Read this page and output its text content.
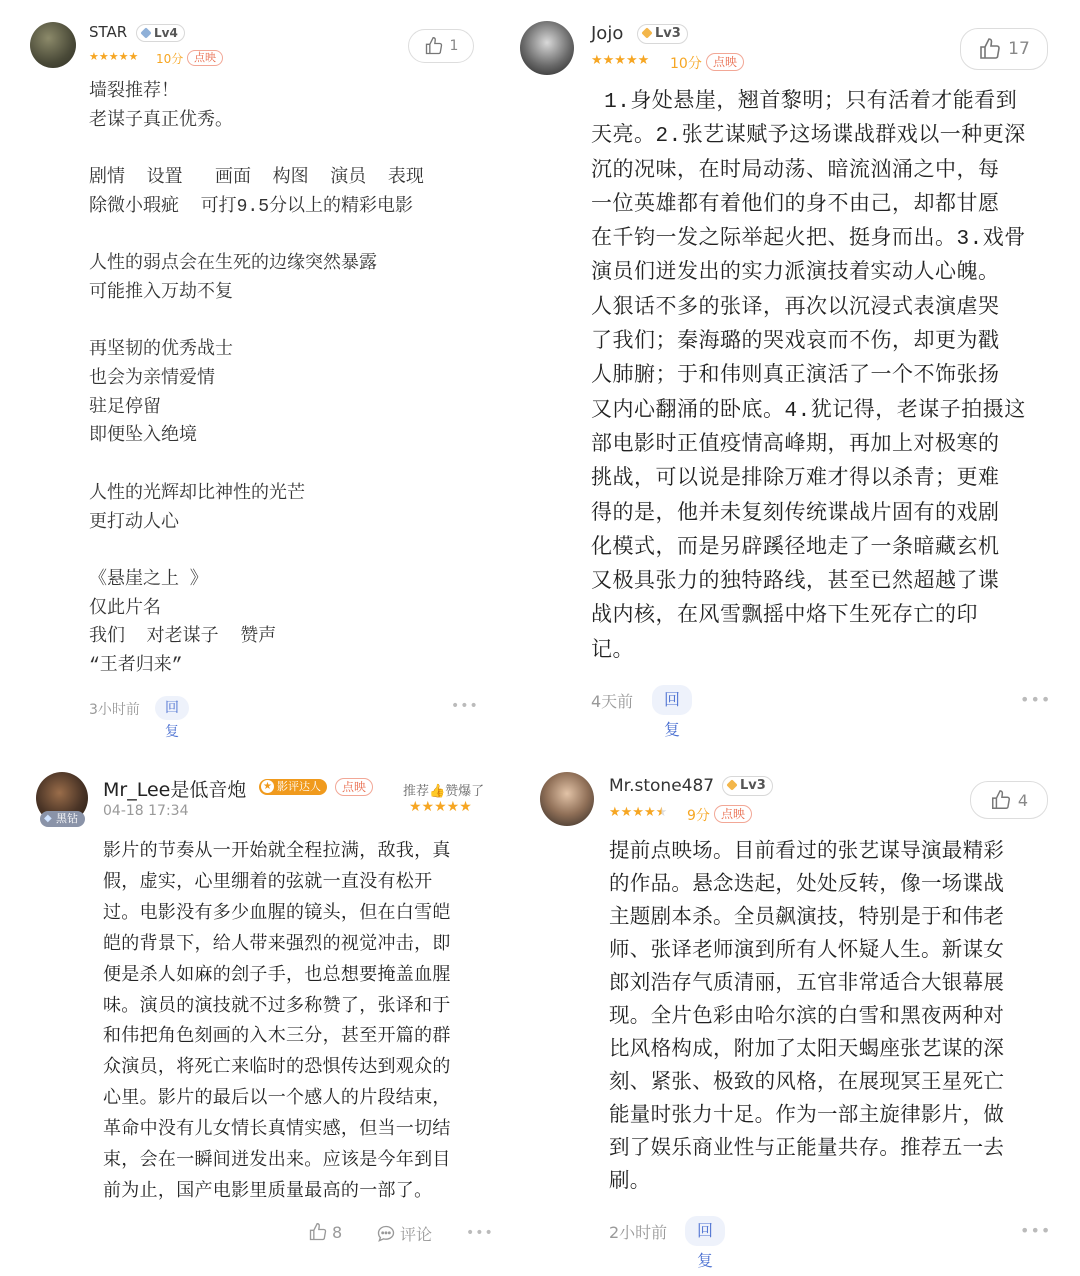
STAR	Lv4
★★★★★ 10分 点映
1
墙裂推荐！
老谋子真正优秀。

剧情  设置   画面  构图  演员  表现
除微小瑕疵  可打9.5分以上的精彩电影

人性的弱点会在生死的边缘突然暴露
可能推入万劫不复

再坚韧的优秀战士
也会为亲情爱情
驻足停留
即便坠入绝境

人性的光辉却比神性的光芒
更打动人心

《悬崖之上 》
仅此片名
我们  对老谋子  赞声
“王者归来”
3小时前	回复
•••
Jojo	Lv3
★★★★★ 10分 点映
17
1.身处悬崖，翘首黎明；只有活着才能看到
天亮。2.张艺谋赋予这场谍战群戏以一种更深
沉的况味，在时局动荡、暗流汹涌之中，每
一位英雄都有着他们的身不由己，却都甘愿
在千钧一发之际举起火把、挺身而出。3.戏骨
演员们迸发出的实力派演技着实动人心魄。
人狠话不多的张译，再次以沉浸式表演虐哭
了我们；秦海璐的哭戏哀而不伤，却更为戳
人肺腑；于和伟则真正演活了一个不饰张扬
又内心翻涌的卧底。4.犹记得，老谋子拍摄这
部电影时正值疫情高峰期，再加上对极寒的
挑战，可以说是排除万难才得以杀青；更难
得的是，他并未复刻传统谍战片固有的戏剧
化模式，而是另辟蹊径地走了一条暗藏玄机
又极具张力的独特路线，甚至已然超越了谍
战内核，在风雪飘摇中烙下生死存亡的印
记。
4天前	回复
•••
◆ 黑钻
Mr_Lee是低音炮 ★ 影评达人	点映
04-18 17:34
推荐👍赞爆了
★★★★★
影片的节奏从一开始就全程拉满，敌我，真
假，虚实，心里绷着的弦就一直没有松开
过。电影没有多少血腥的镜头，但在白雪皑
皑的背景下，给人带来强烈的视觉冲击，即
便是杀人如麻的刽子手，也总想要掩盖血腥
味。演员的演技就不过多称赞了，张译和于
和伟把角色刻画的入木三分，甚至开篇的群
众演员，将死亡来临时的恐惧传达到观众的
心里。影片的最后以一个感人的片段结束，
革命中没有儿女情长真情实感，但当一切结
束，会在一瞬间迸发出来。应该是今年到目
前为止，国产电影里质量最高的一部了。
8	评论 •••
Mr.stone487	Lv3
★★★★★ 9分 点映
4
提前点映场。目前看过的张艺谋导演最精彩
的作品。悬念迭起，处处反转，像一场谍战
主题剧本杀。全员飙演技，特别是于和伟老
师、张译老师演到所有人怀疑人生。新谋女
郎刘浩存气质清丽，五官非常适合大银幕展
现。全片色彩由哈尔滨的白雪和黑夜两种对
比风格构成，附加了太阳天蝎座张艺谋的深
刻、紧张、极致的风格，在展现冥王星死亡
能量时张力十足。作为一部主旋律影片，做
到了娱乐商业性与正能量共存。推荐五一去
刷。
2小时前	回复
•••
